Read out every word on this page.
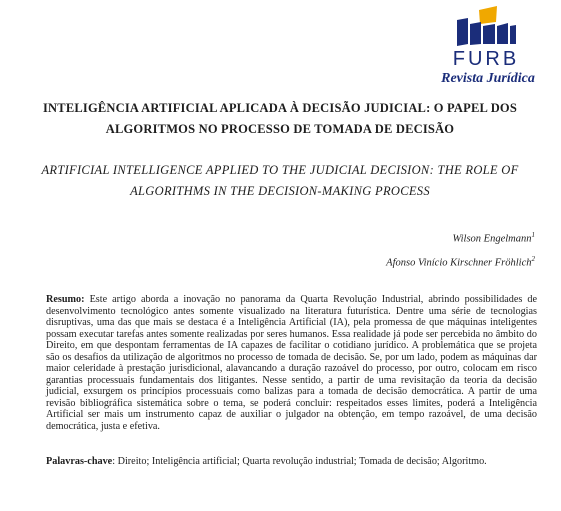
FURB
Revista Jurídica
INTELIGÊNCIA ARTIFICIAL APLICADA À DECISÃO JUDICIAL: O PAPEL DOS ALGORITMOS NO PROCESSO DE TOMADA DE DECISÃO
ARTIFICIAL INTELLIGENCE APPLIED TO THE JUDICIAL DECISION: THE ROLE OF ALGORITHMS IN THE DECISION-MAKING PROCESS
Wilson Engelmann$^1$
Afonso Vinício Kirschner Fröhlich$^2$
Resumo: Este artigo aborda a inovação no panorama da Quarta Revolução Industrial, abrindo possibilidades de desenvolvimento tecnológico antes somente visualizado na literatura futurística. Dentre uma série de tecnologias disruptivas, uma das que mais se destaca é a Inteligência Artificial (IA), pela promessa de que máquinas inteligentes possam executar tarefas antes somente realizadas por seres humanos. Essa realidade já pode ser percebida no âmbito do Direito, em que despontam ferramentas de IA capazes de facilitar o cotidiano jurídico. A problemática que se projeta são os desafios da utilização de algoritmos no processo de tomada de decisão. Se, por um lado, podem as máquinas dar maior celeridade à prestação jurisdicional, alavancando a duração razoável do processo, por outro, colocam em risco garantias processuais fundamentais dos litigantes. Nesse sentido, a partir de uma revisitação da teoria da decisão judicial, exsurgem os princípios processuais como balizas para a tomada de decisão democrática. A partir de uma revisão bibliográfica sistemática sobre o tema, se poderá concluir: respeitados esses limites, poderá a Inteligência Artificial ser mais um instrumento capaz de auxiliar o julgador na obtenção, em tempo razoável, de uma decisão democrática, justa e efetiva.
Palavras-chave: Direito; Inteligência artificial; Quarta revolução industrial; Tomada de decisão; Algoritmo.
